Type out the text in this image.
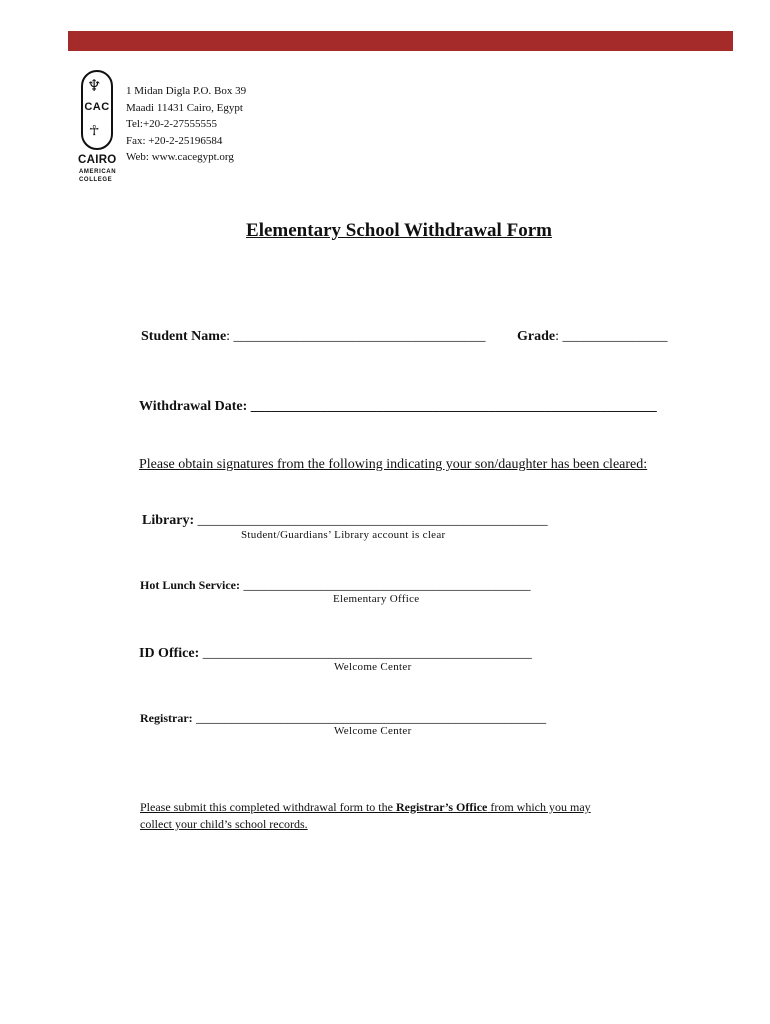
♆
CAC
☥
CAIRO
AMERICAN
COLLEGE
1 Midan Digla P.O. Box 39
Maadi 11431 Cairo, Egypt
Tel:+20-2-27555555
Fax: +20-2-25196584
Web: www.cacegypt.org
Elementary School Withdrawal Form
Student Name: ____________________________________ Grade: _______________
Withdrawal Date: __________________________________________________________
Please obtain signatures from the following indicating your son/daughter has been cleared:
Library: __________________________________________________
Student/Guardians’ Library account is clear
Hot Lunch Service: _________________________________________
Elementary Office
ID Office: _______________________________________________
Welcome Center
Registrar: __________________________________________________
Welcome Center
Please submit this completed withdrawal form to the Registrar’s Office from which you may
collect your child’s school records.
